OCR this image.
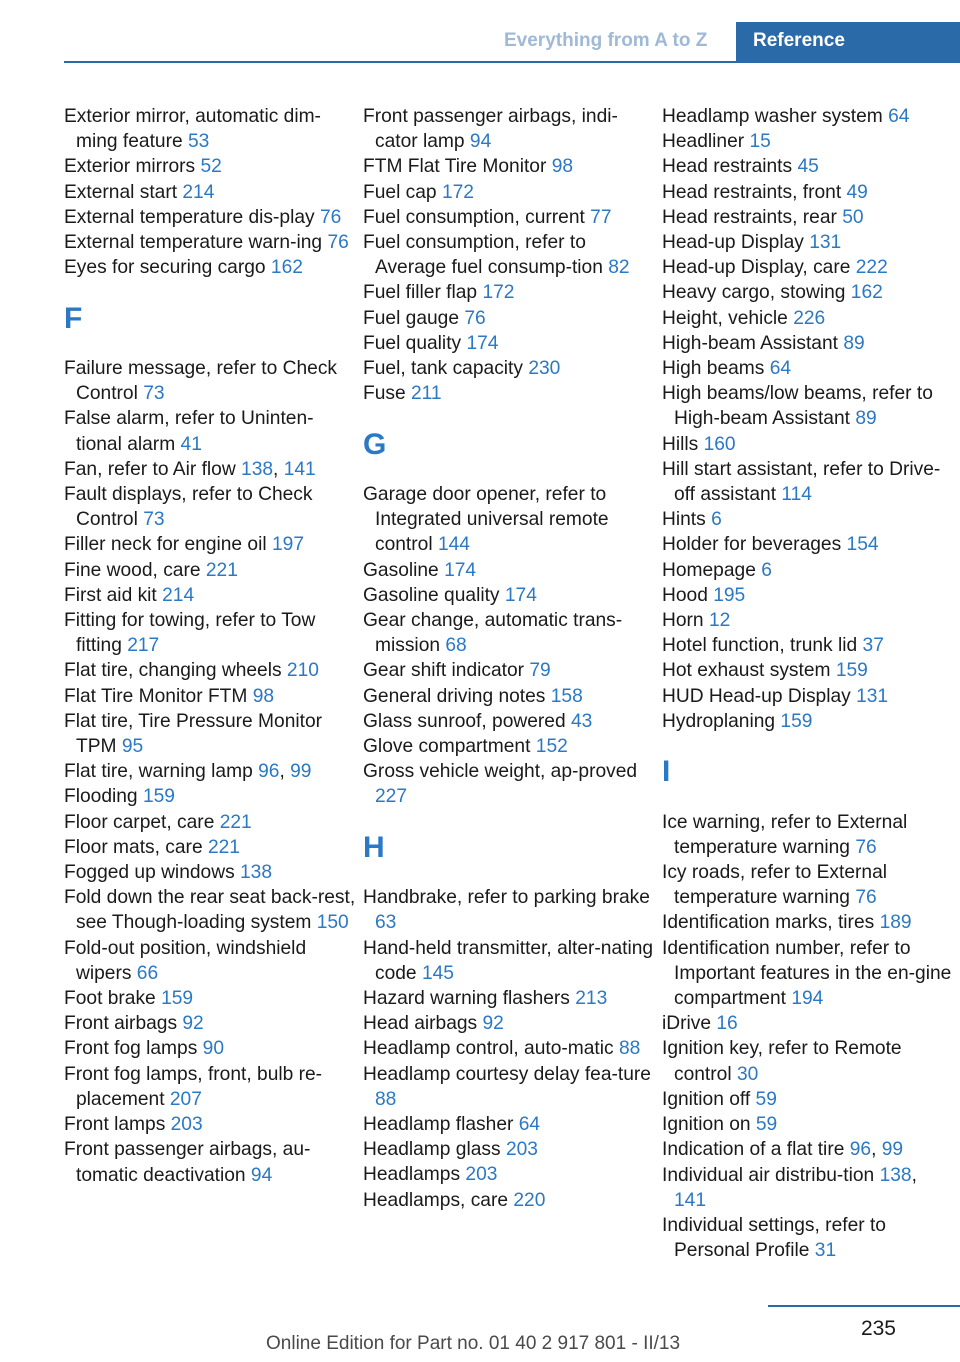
Everything from A to Z	Reference
Exterior mirror, automatic dim‐ming feature 53
Exterior mirrors 52
External start 214
External temperature dis‐play 76
External temperature warn‐ing 76
Eyes for securing cargo 162
F
Failure message, refer to Check Control 73
False alarm, refer to Uninten‐tional alarm 41
Fan, refer to Air flow 138, 141
Fault displays, refer to Check Control 73
Filler neck for engine oil 197
Fine wood, care 221
First aid kit 214
Fitting for towing, refer to Tow fitting 217
Flat tire, changing wheels 210
Flat Tire Monitor FTM 98
Flat tire, Tire Pressure Monitor TPM 95
Flat tire, warning lamp 96, 99
Flooding 159
Floor carpet, care 221
Floor mats, care 221
Fogged up windows 138
Fold down the rear seat back‐rest, see Though-loading system 150
Fold-out position, windshield wipers 66
Foot brake 159
Front airbags 92
Front fog lamps 90
Front fog lamps, front, bulb re‐placement 207
Front lamps 203
Front passenger airbags, au‐tomatic deactivation 94
Front passenger airbags, indi‐cator lamp 94
FTM Flat Tire Monitor 98
Fuel cap 172
Fuel consumption, current 77
Fuel consumption, refer to Average fuel consump‐tion 82
Fuel filler flap 172
Fuel gauge 76
Fuel quality 174
Fuel, tank capacity 230
Fuse 211
G
Garage door opener, refer to Integrated universal remote control 144
Gasoline 174
Gasoline quality 174
Gear change, automatic trans‐mission 68
Gear shift indicator 79
General driving notes 158
Glass sunroof, powered 43
Glove compartment 152
Gross vehicle weight, ap‐proved 227
H
Handbrake, refer to parking brake 63
Hand-held transmitter, alter‐nating code 145
Hazard warning flashers 213
Head airbags 92
Headlamp control, auto‐matic 88
Headlamp courtesy delay fea‐ture 88
Headlamp flasher 64
Headlamp glass 203
Headlamps 203
Headlamps, care 220
Headlamp washer system 64
Headliner 15
Head restraints 45
Head restraints, front 49
Head restraints, rear 50
Head-up Display 131
Head-up Display, care 222
Heavy cargo, stowing 162
Height, vehicle 226
High-beam Assistant 89
High beams 64
High beams/low beams, refer to High-beam Assistant 89
Hills 160
Hill start assistant, refer to Drive-off assistant 114
Hints 6
Holder for beverages 154
Homepage 6
Hood 195
Horn 12
Hotel function, trunk lid 37
Hot exhaust system 159
HUD Head-up Display 131
Hydroplaning 159
I
Ice warning, refer to External temperature warning 76
Icy roads, refer to External temperature warning 76
Identification marks, tires 189
Identification number, refer to Important features in the en‐gine compartment 194
iDrive 16
Ignition key, refer to Remote control 30
Ignition off 59
Ignition on 59
Indication of a flat tire 96, 99
Individual air distribu‐tion 138, 141
Individual settings, refer to Personal Profile 31
235
Online Edition for Part no. 01 40 2 917 801 - II/13
